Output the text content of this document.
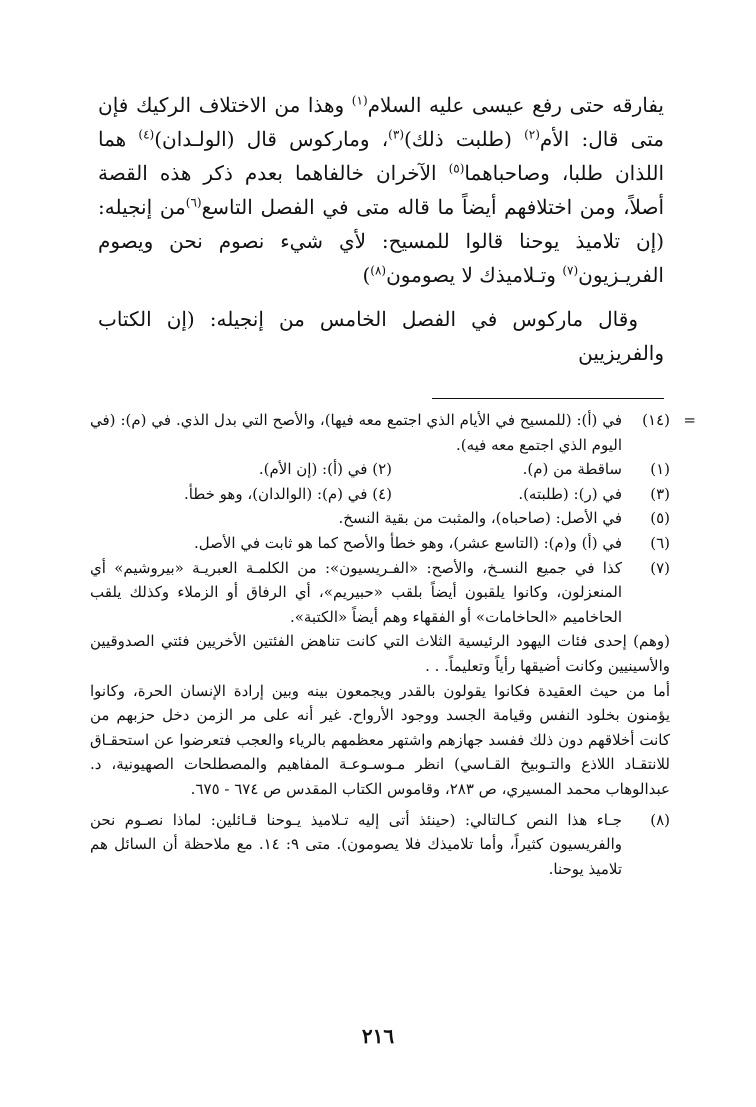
يفارقه حتى رفع عيسى عليه السلام$^{(١)}$ وهذا من الاختلاف الركيك فإن متى قال: الأم$^{(٢)}$ (طلبت ذلك)$^{(٣)}$، وماركوس قال (الولـدان)$^{(٤)}$ هما اللذان طلبا، وصاحباهما$^{(٥)}$ الآخران خالفاهما بعدم ذكر هذه القصة أصلاً، ومن اختلافهم أيضاً ما قاله متى في الفصل التاسع$^{(٦)}$من إنجيله: (إن تلاميذ يوحنا قالوا للمسيح: لأي شيء نصوم نحن ويصوم الفريـزيون$^{(٧)}$ وتـلاميذك لا يصومون$^{(٨)}$)

وقال ماركوس في الفصل الخامس من إنجيله: (إن الكتاب والفريزيين

=
(١٤)

في (أ): (للمسيح في الأيام الذي اجتمع معه فيها)، والأصح التي بدل الذي. في (م): (في اليوم الذي اجتمع معه فيه).

(١)
ساقطة من (م).
(٢) في (أ): (إن الأم).
(٣)
في (ر): (طلبته).
(٤) في (م): (الوالدان)، وهو خطأ.
(٥)

في الأصل: (صاحباه)، والمثبت من بقية النسخ.

(٦)

في (أ) و(م): (التاسع عشر)، وهو خطأ والأصح كما هو ثابت في الأصل.

(٧)

كذا في جميع النسـخ، والأصح: «الفـريسيون»: من الكلمـة العبريـة «بيروشيم» أي المنعزلون، وكانوا يلقبون أيضاً بلقب «حبيريم»، أي الرفاق أو الزملاء وكذلك يلقب الحاخاميم «الحاخامات» أو الفقهاء وهم أيضاً «الكتبة».

(وهم) إحدى فئات اليهود الرئيسية الثلاث التي كانت تناهض الفئتين الأخريين فئتي الصدوقيين والأسينيين وكانت أضيقها رأياً وتعليماً. . .

أما من حيث العقيدة فكانوا يقولون بالقدر ويجمعون بينه وبين إرادة الإنسان الحرة، وكانوا يؤمنون بخلود النفس وقيامة الجسد ووجود الأرواح. غير أنه على مر الزمن دخل حزبهم من كانت أخلاقهم دون ذلك ففسد جهازهم واشتهر معظمهم بالرياء والعجب فتعرضوا عن استحقـاق للانتقـاد اللاذع والتـوبيخ القـاسي) انظر مـوسـوعـة المفاهيم والمصطلحات الصهيونية، د. عبدالوهاب محمد المسيري، ص ٢٨٣، وقاموس الكتاب المقدس ص ٦٧٤ - ٦٧٥.

(٨)

جـاء هذا النص كـالتالي: (حينئذ أتى إليه تـلاميذ يـوحنا قـائلين: لماذا نصـوم نحن والفريسيون كثيراً، وأما تلاميذك فلا يصومون). متى ٩: ١٤. مع ملاحظة أن السائل هم تلاميذ يوحنا.

٢١٦
